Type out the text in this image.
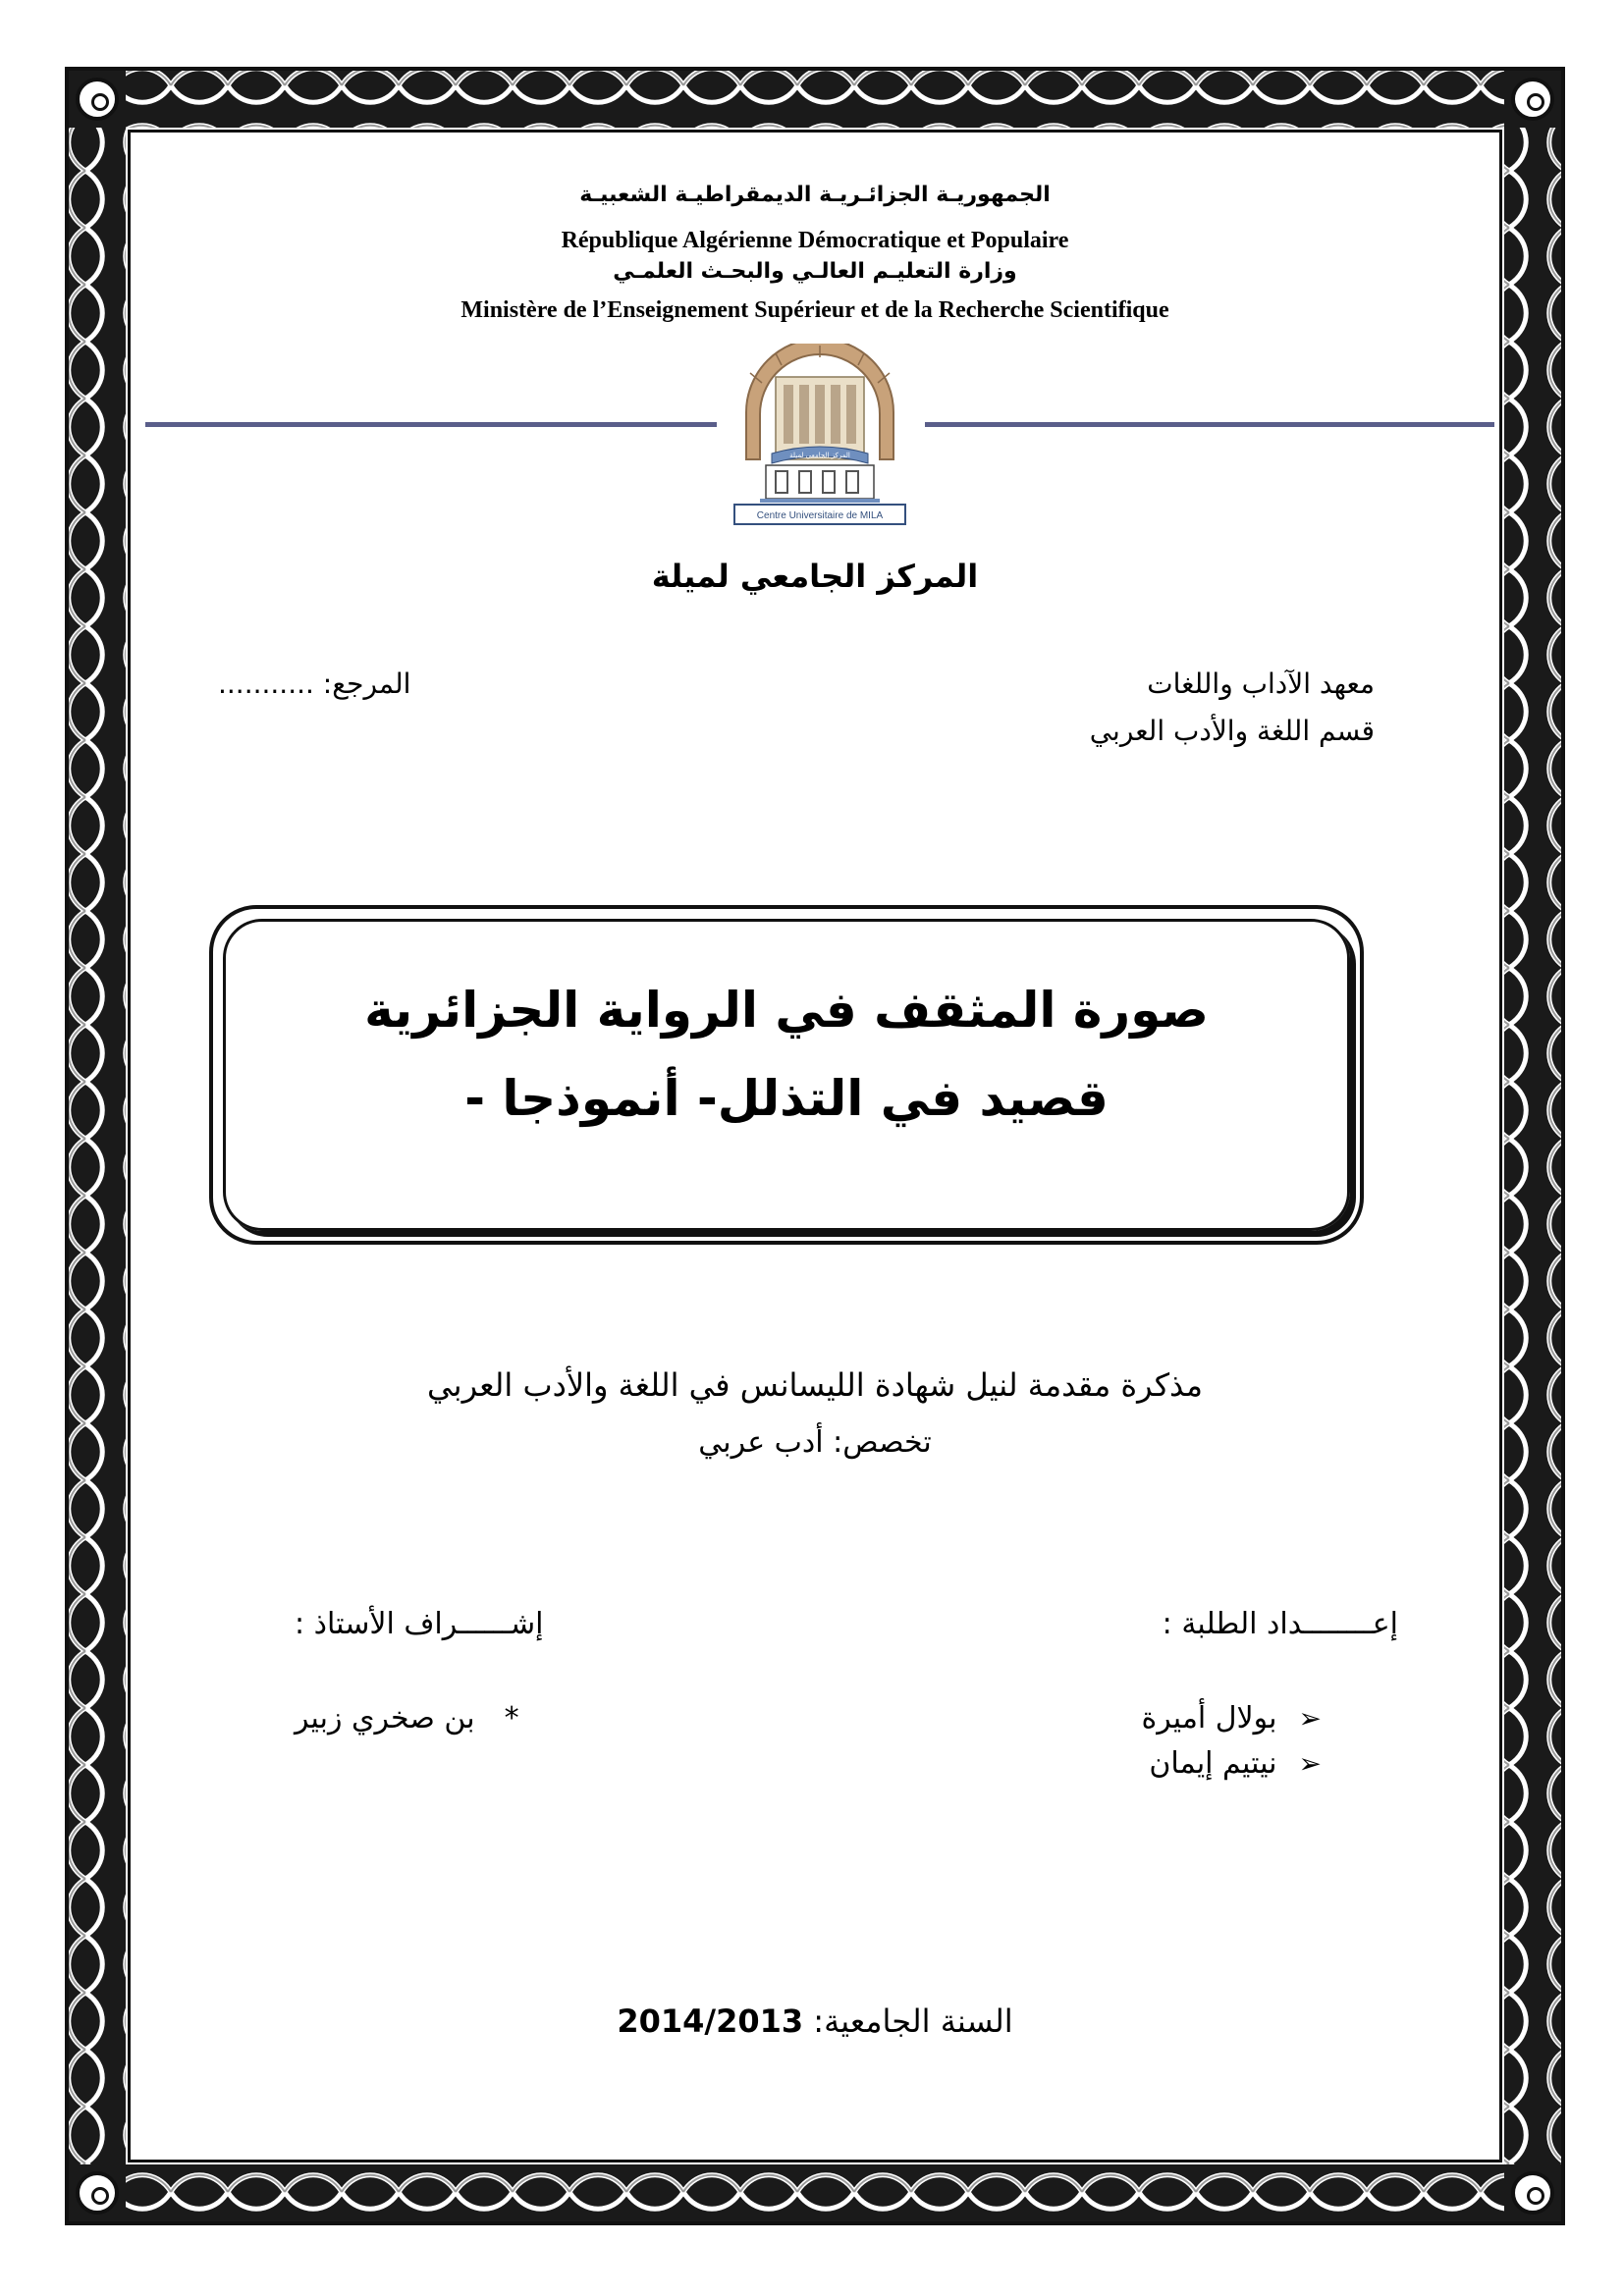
الجمهوريـة الجزائـريـة الديمقراطيـة الشعبيـة
République Algérienne Démocratique et Populaire
وزارة التعليـم العالـي والبحـث العلمـي
Ministère de l’Enseignement Supérieur et de la Recherche Scientifique
المركز الجامعي لميلة
Centre Universitaire de MILA
المركز الجامعي لميلة
معهد الآداب واللغات
قسم اللغة والأدب العربي
المرجع: ...........
صورة المثقف في الرواية الجزائرية
قصيد في التذلل- أنموذجا -
مذكرة مقدمة لنيل شهادة الليسانس في اللغة والأدب العربي
تخصص: أدب عربي
إعــــــــداد الطلبة :
إشــــــراف الأستاذ :
➢بولال أميرة
➢نيتيم إيمان
*بن صخري زبير
السنة الجامعية: 2014/2013
